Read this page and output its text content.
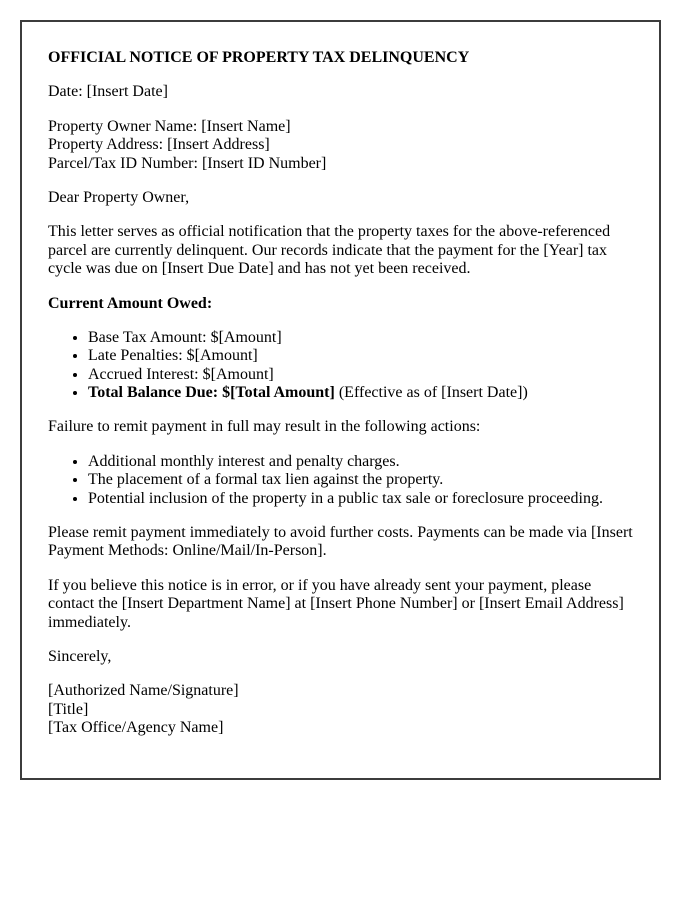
OFFICIAL NOTICE OF PROPERTY TAX DELINQUENCY

Date: [Insert Date]

Property Owner Name: [Insert Name]
Property Address: [Insert Address]
Parcel/Tax ID Number: [Insert ID Number]

Dear Property Owner,

This letter serves as official notification that the property taxes for the above-referenced parcel are currently delinquent. Our records indicate that the payment for the [Year] tax cycle was due on [Insert Due Date] and has not yet been received.

Current Amount Owed:

• Base Tax Amount: $[Amount]
• Late Penalties: $[Amount]
• Accrued Interest: $[Amount]
• Total Balance Due: $[Total Amount] (Effective as of [Insert Date])

Failure to remit payment in full may result in the following actions:

• Additional monthly interest and penalty charges.
• The placement of a formal tax lien against the property.
• Potential inclusion of the property in a public tax sale or foreclosure proceeding.

Please remit payment immediately to avoid further costs. Payments can be made via [Insert Payment Methods: Online/Mail/In-Person].

If you believe this notice is in error, or if you have already sent your payment, please contact the [Insert Department Name] at [Insert Phone Number] or [Insert Email Address] immediately.

Sincerely,

[Authorized Name/Signature]
[Title]
[Tax Office/Agency Name]
